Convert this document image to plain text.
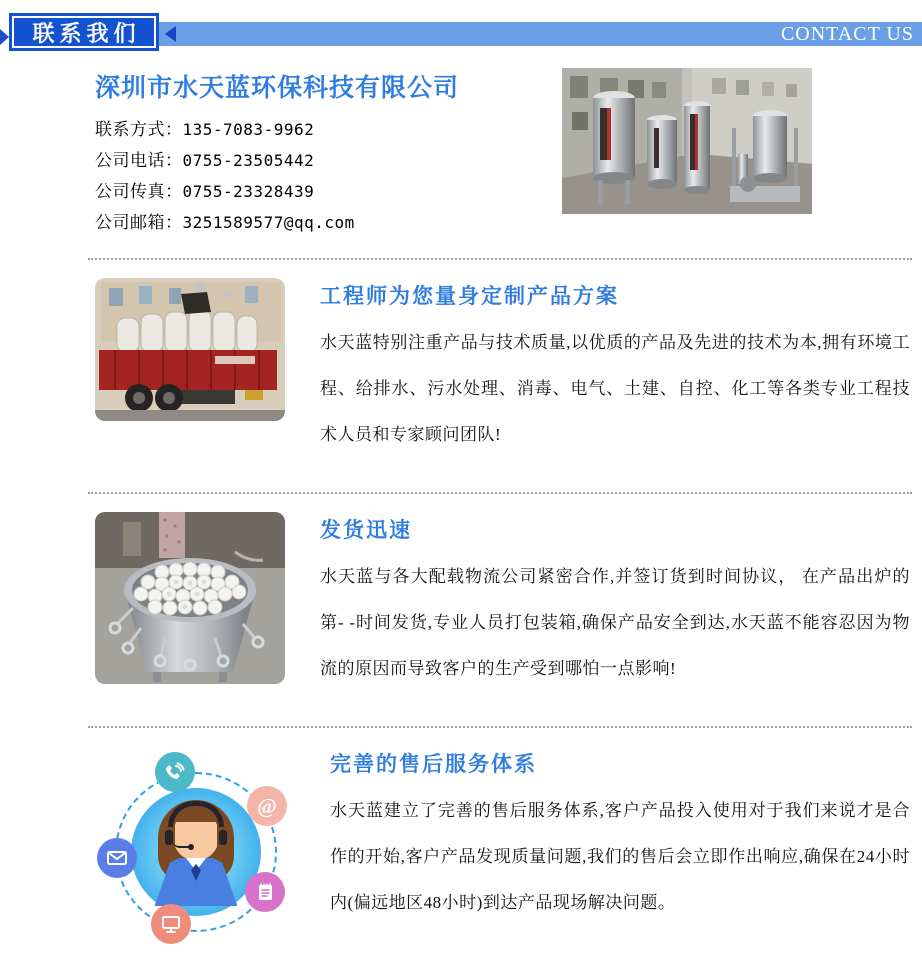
联系我们	CONTACT US
深圳市水天蓝环保科技有限公司
联系方式：135-7083-9962
公司电话：0755-23505442
公司传真：0755-23328439
公司邮箱：3251589577@qq.com
工程师为您量身定制产品方案
水天蓝特别注重产品与技术质量,以优质的产品及先进的技术为本,拥有环境工程、给排水、污水处理、消毒、电气、土建、自控、化工等各类专业工程技术人员和专家顾问团队!
发货迅速
水天蓝与各大配载物流公司紧密合作,并签订货到时间协议， 在产品出炉的第- -时间发货,专业人员打包装箱,确保产品安全到达,水天蓝不能容忍因为物流的原因而导致客户的生产受到哪怕一点影响!
@
完善的售后服务体系
水天蓝建立了完善的售后服务体系,客户产品投入使用对于我们来说才是合作的开始,客户产品发现质量问题,我们的售后会立即作出响应,确保在24小时内(偏远地区48小时)到达产品现场解决问题。
